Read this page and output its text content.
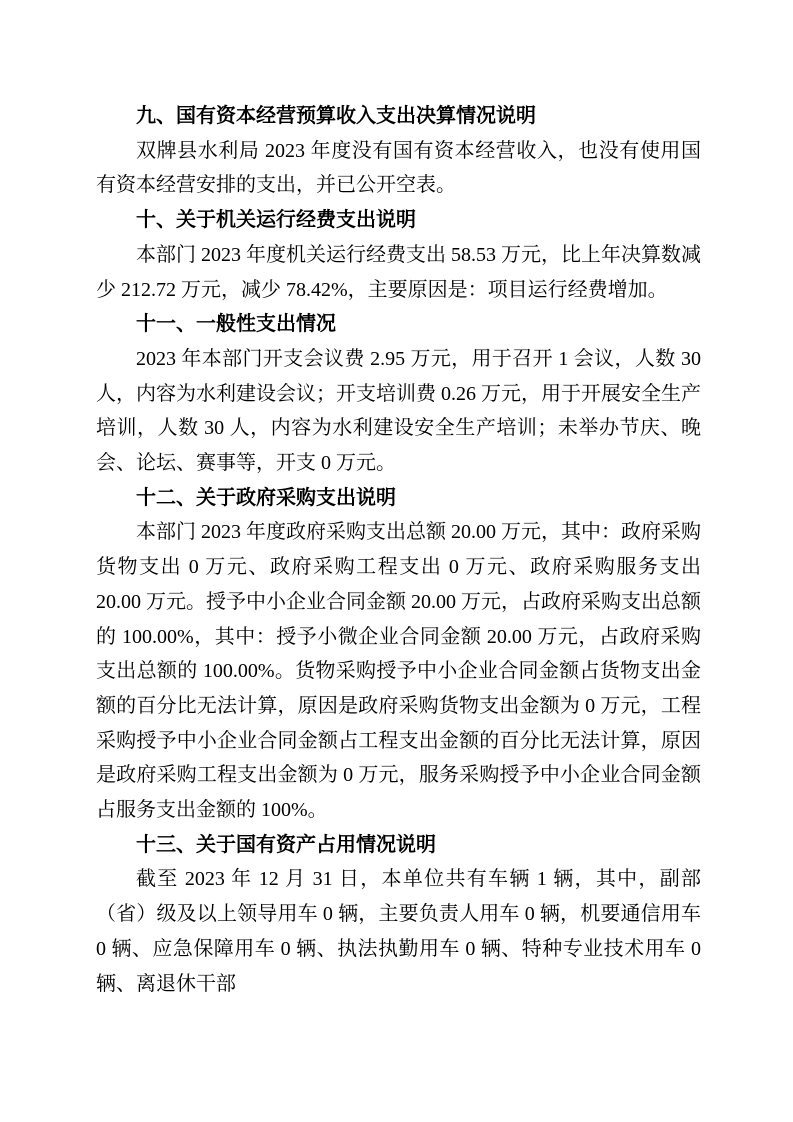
九、国有资本经营预算收入支出决算情况说明

双牌县水利局 2023 年度没有国有资本经营收入，也没有使用国有资本经营安排的支出，并已公开空表。

十、关于机关运行经费支出说明

本部门 2023 年度机关运行经费支出 58.53 万元，比上年决算数减少 212.72 万元，减少 78.42%，主要原因是：项目运行经费增加。

十一、一般性支出情况

2023 年本部门开支会议费 2.95 万元，用于召开 1 会议，人数 30 人，内容为水利建设会议；开支培训费 0.26 万元，用于开展安全生产培训，人数 30 人，内容为水利建设安全生产培训；未举办节庆、晚会、论坛、赛事等，开支 0 万元。

十二、关于政府采购支出说明

本部门 2023 年度政府采购支出总额 20.00 万元，其中：政府采购货物支出 0 万元、政府采购工程支出 0 万元、政府采购服务支出 20.00 万元。授予中小企业合同金额 20.00 万元，占政府采购支出总额的 100.00%，其中：授予小微企业合同金额 20.00 万元，占政府采购支出总额的 100.00%。货物采购授予中小企业合同金额占货物支出金额的百分比无法计算，原因是政府采购货物支出金额为 0 万元，工程采购授予中小企业合同金额占工程支出金额的百分比无法计算，原因是政府采购工程支出金额为 0 万元，服务采购授予中小企业合同金额占服务支出金额的 100%。

十三、关于国有资产占用情况说明

截至 2023 年 12 月 31 日，本单位共有车辆 1 辆，其中，副部（省）级及以上领导用车 0 辆，主要负责人用车 0 辆，机要通信用车 0 辆、应急保障用车 0 辆、执法执勤用车 0 辆、特种专业技术用车 0 辆、离退休干部
